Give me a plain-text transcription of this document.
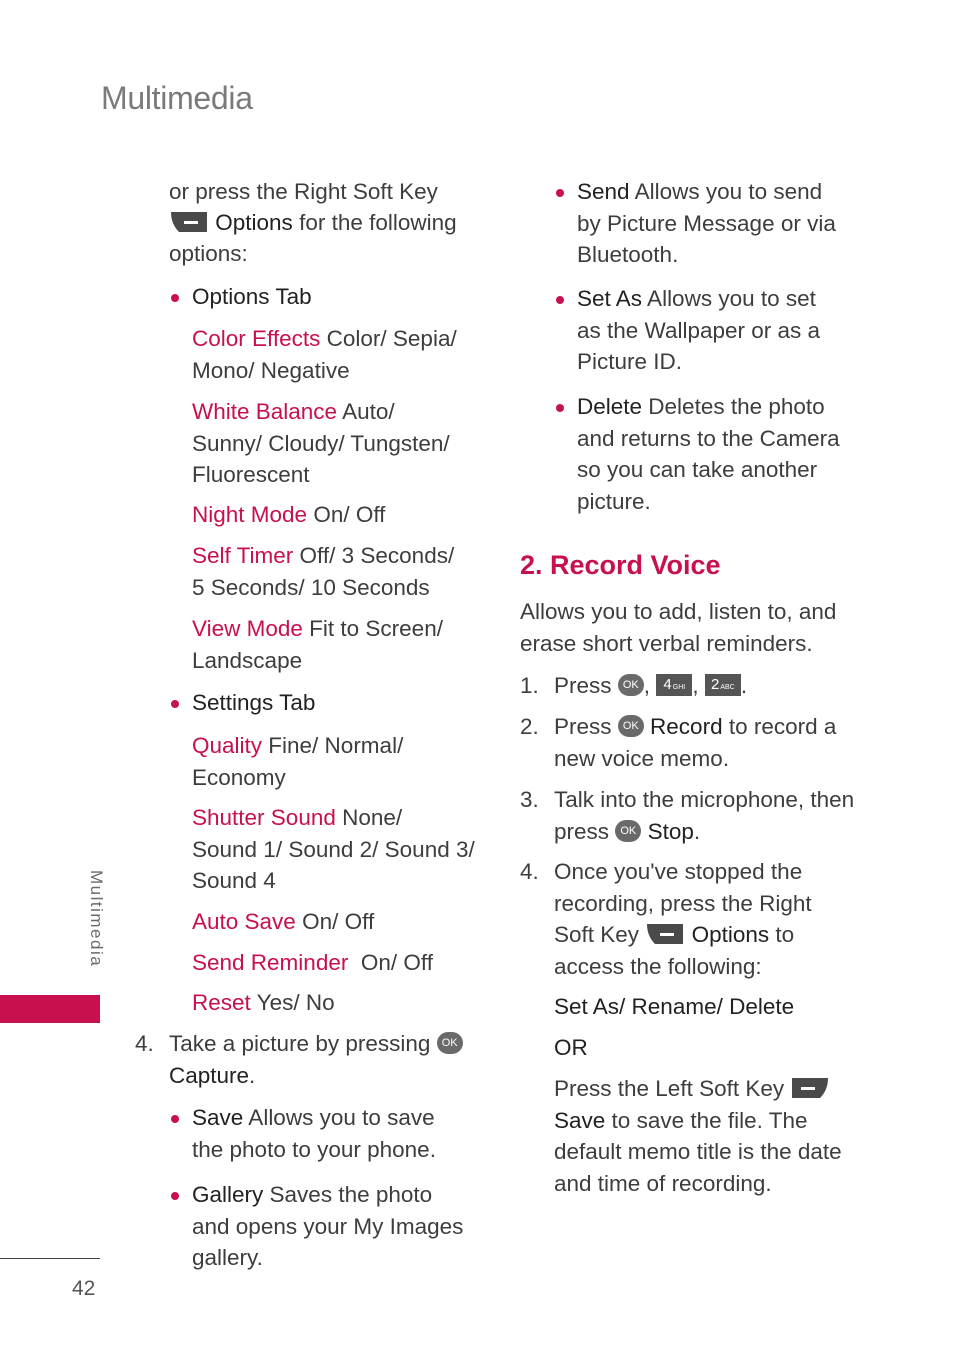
Multimedia
Multimedia
42

or press the Right Soft Key

Options for the following

options:

Options Tab

Color Effects Color/ Sepia/

Mono/ Negative

White Balance Auto/

Sunny/ Cloudy/ Tungsten/

Fluorescent

Night Mode On/ Off

Self Timer Off/ 3 Seconds/

5 Seconds/ 10 Seconds

View Mode Fit to Screen/

Landscape

Settings Tab

Quality Fine/ Normal/

Economy

Shutter Sound None/

Sound 1/ Sound 2/ Sound 3/

Sound 4

Auto Save On/ Off

Send Reminder  On/ Off

Reset Yes/ No

4. Take a picture by pressing OK

Capture.

Save Allows you to save

the photo to your phone.

Gallery Saves the photo

and opens your My Images

gallery.

Send Allows you to send

by Picture Message or via

Bluetooth.

Set As Allows you to set

as the Wallpaper or as a

Picture ID.

Delete Deletes the photo

and returns to the Camera

so you can take another

picture.

2. Record Voice

Allows you to add, listen to, and

erase short verbal reminders.

1. Press OK , 4GHI , 2ABC .

2. Press OK Record to record a

new voice memo.

3. Talk into the microphone, then

press OK Stop.

4. Once you've stopped the

recording, press the Right

Soft Key Options to

access the following:

Set As/ Rename/ Delete

OR

Press the Left Soft Key

Save to save the file. The

default memo title is the date

and time of recording.
